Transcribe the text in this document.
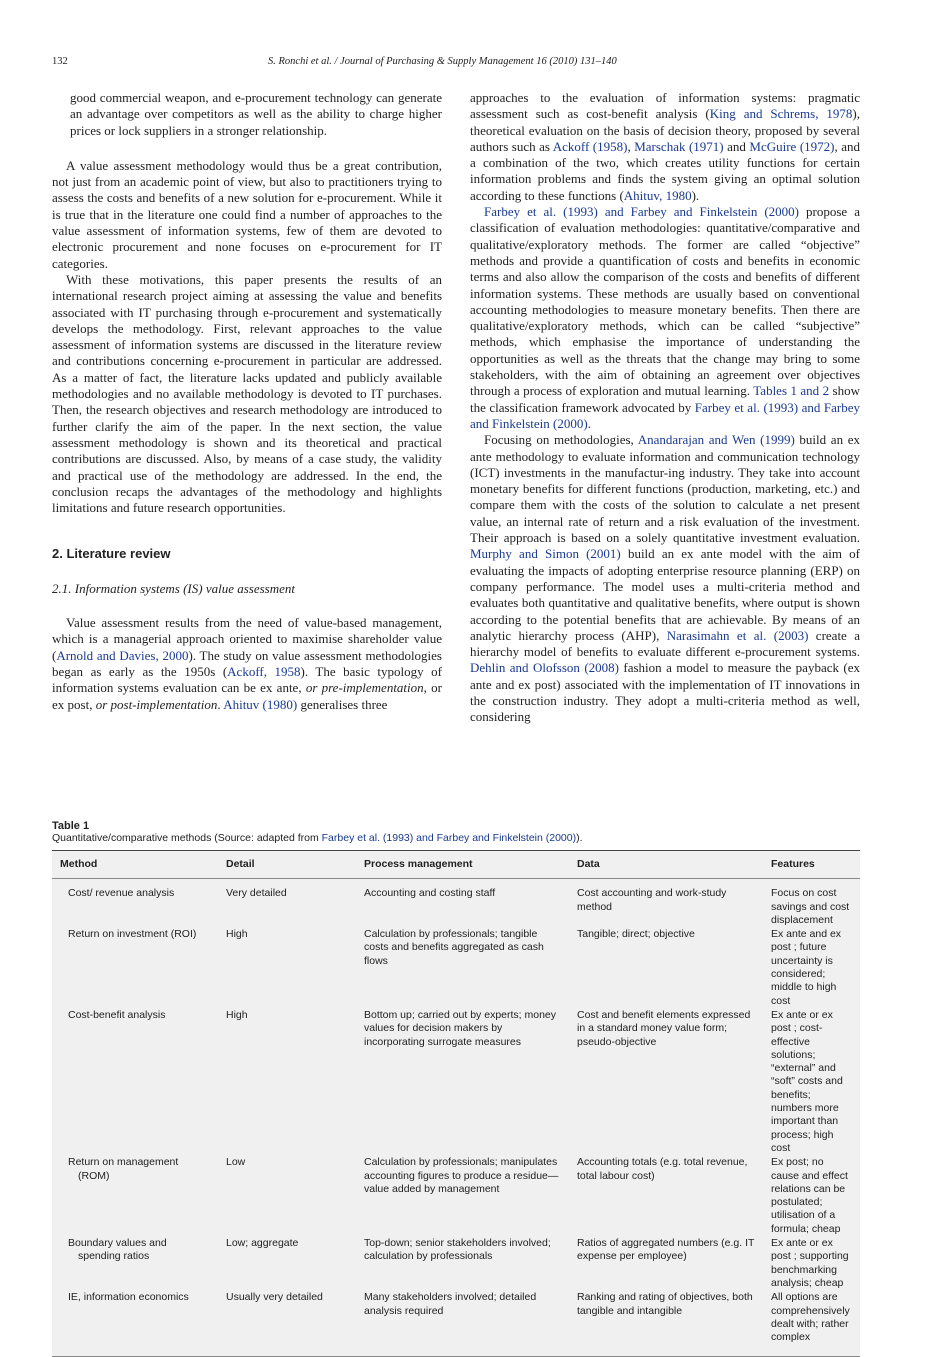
132	S. Ronchi et al. / Journal of Purchasing & Supply Management 16 (2010) 131–140

good commercial weapon, and e-procurement technology can generate an advantage over competitors as well as the ability to charge higher prices or lock suppliers in a stronger relationship.

A value assessment methodology would thus be a great contribution, not just from an academic point of view, but also to practitioners trying to assess the costs and benefits of a new solution for e-procurement. While it is true that in the literature one could find a number of approaches to the value assessment of information systems, few of them are devoted to electronic procurement and none focuses on e-procurement for IT categories.

With these motivations, this paper presents the results of an international research project aiming at assessing the value and benefits associated with IT purchasing through e-procurement and systematically develops the methodology. First, relevant approaches to the value assessment of information systems are discussed in the literature review and contributions concerning e-procurement in particular are addressed. As a matter of fact, the literature lacks updated and publicly available methodologies and no available methodology is devoted to IT purchases. Then, the research objectives and research methodology are introduced to further clarify the aim of the paper. In the next section, the value assessment methodology is shown and its theoretical and practical contributions are discussed. Also, by means of a case study, the validity and practical use of the methodology are addressed. In the end, the conclusion recaps the advantages of the methodology and highlights limitations and future research opportunities.

2. Literature review
2.1. Information systems (IS) value assessment

Value assessment results from the need of value-based management, which is a managerial approach oriented to maximise shareholder value (Arnold and Davies, 2000). The study on value assessment methodologies began as early as the 1950s (Ackoff, 1958). The basic typology of information systems evaluation can be ex ante, or pre-implementation, or ex post, or post-implementation. Ahituv (1980) generalises three

approaches to the evaluation of information systems: pragmatic assessment such as cost-benefit analysis (King and Schrems, 1978), theoretical evaluation on the basis of decision theory, proposed by several authors such as Ackoff (1958), Marschak (1971) and McGuire (1972), and a combination of the two, which creates utility functions for certain information problems and finds the system giving an optimal solution according to these functions (Ahituv, 1980).

Farbey et al. (1993) and Farbey and Finkelstein (2000) propose a classification of evaluation methodologies: quantitative/comparative and qualitative/exploratory methods. The former are called “objective” methods and provide a quantification of costs and benefits in economic terms and also allow the comparison of the costs and benefits of different information systems. These methods are usually based on conventional accounting methodologies to measure monetary benefits. Then there are qualitative/exploratory methods, which can be called “subjective” methods, which emphasise the importance of understanding the opportunities as well as the threats that the change may bring to some stakeholders, with the aim of obtaining an agreement over objectives through a process of exploration and mutual learning. Tables 1 and 2 show the classification framework advocated by Farbey et al. (1993) and Farbey and Finkelstein (2000).

Focusing on methodologies, Anandarajan and Wen (1999) build an ex ante methodology to evaluate information and communication technology (ICT) investments in the manufactur-ing industry. They take into account monetary benefits for different functions (production, marketing, etc.) and compare them with the costs of the solution to calculate a net present value, an internal rate of return and a risk evaluation of the investment. Their approach is based on a solely quantitative investment evaluation. Murphy and Simon (2001) build an ex ante model with the aim of evaluating the impacts of adopting enterprise resource planning (ERP) on company performance. The model uses a multi-criteria method and evaluates both quantitative and qualitative benefits, where output is shown according to the potential benefits that are achievable. By means of an analytic hierarchy process (AHP), Narasimahn et al. (2003) create a hierarchy model of benefits to evaluate different e-procurement systems. Dehlin and Olofsson (2008) fashion a model to measure the payback (ex ante and ex post) associated with the implementation of IT innovations in the construction industry. They adopt a multi-criteria method as well, considering

Table 1
Quantitative/comparative methods (Source: adapted from Farbey et al. (1993) and Farbey and Finkelstein (2000)).
Method	Detail	Process management	Data	Features

Cost/ revenue analysis	Very detailed	Accounting and costing staff	Cost accounting and work-study method	Focus on cost savings and cost displacement

Return on investment (ROI)	High	Calculation by professionals; tangible costs and benefits aggregated as cash flows	Tangible; direct; objective	Ex ante and ex post ; future uncertainty is considered; middle to high cost

Cost-benefit analysis	High	Bottom up; carried out by experts; money values for decision makers by incorporating surrogate measures	Cost and benefit elements expressed in a standard money value form; pseudo-objective	Ex ante or ex post ; cost-effective solutions; “external” and “soft” costs and benefits; numbers more important than process; high cost

Return on management (ROM)	Low	Calculation by professionals; manipulates accounting figures to produce a residue—value added by management	Accounting totals (e.g. total revenue, total labour cost)	Ex post; no cause and effect relations can be postulated; utilisation of a formula; cheap

Boundary values and spending ratios	Low; aggregate	Top-down; senior stakeholders involved; calculation by professionals	Ratios of aggregated numbers (e.g. IT expense per employee)	Ex ante or ex post ; supporting benchmarking analysis; cheap

IE, information economics	Usually very detailed	Many stakeholders involved; detailed analysis required	Ranking and rating of objectives, both tangible and intangible	All options are comprehensively dealt with; rather complex
